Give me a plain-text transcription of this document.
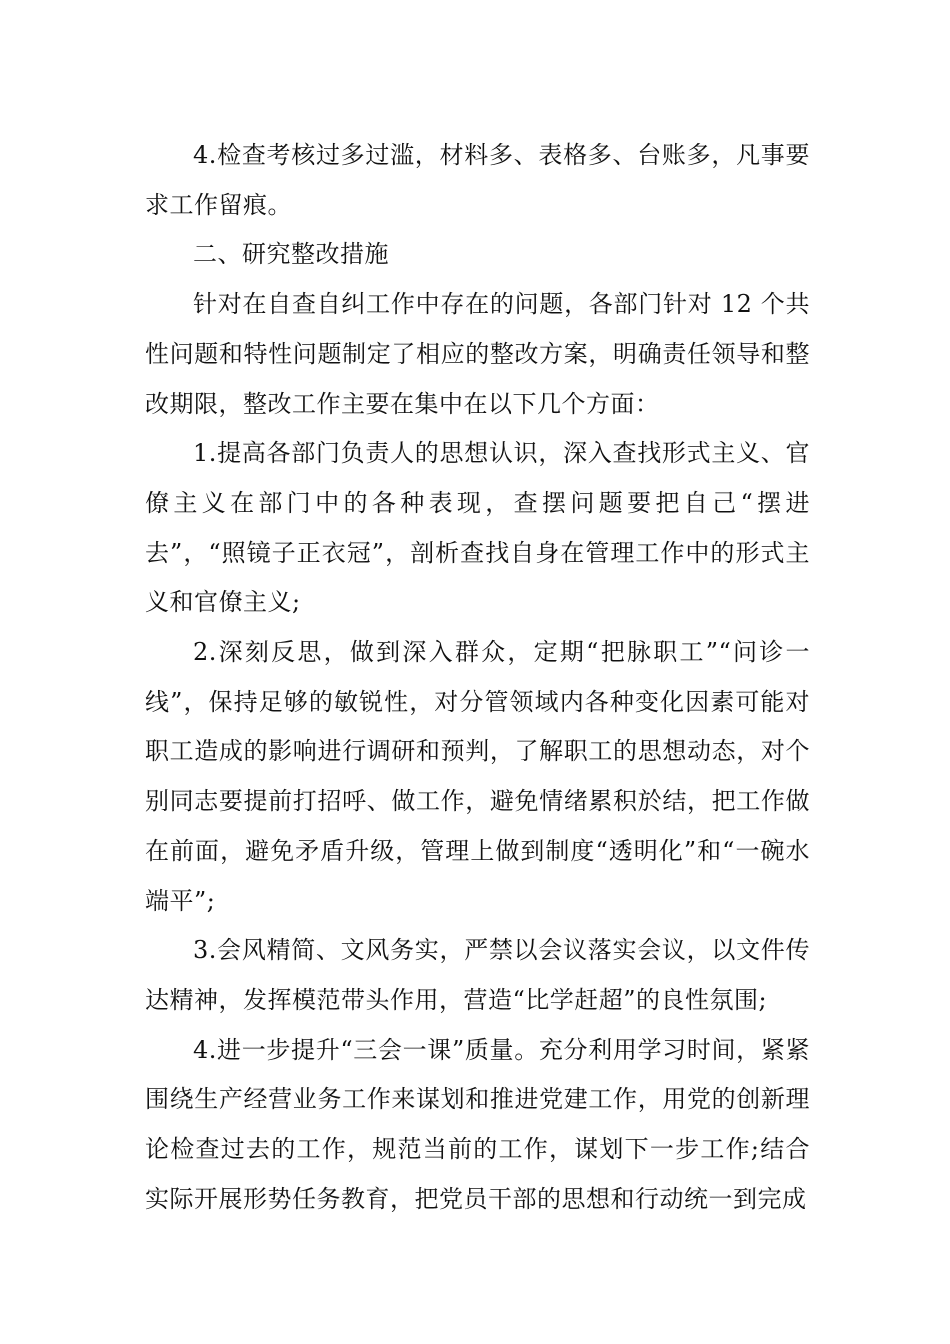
4.检查考核过多过滥，材料多、表格多、台账多，凡事要求工作留痕。

二、研究整改措施

针对在自查自纠工作中存在的问题，各部门针对 12 个共性问题和特性问题制定了相应的整改方案，明确责任领导和整改期限，整改工作主要在集中在以下几个方面：

1.提高各部门负责人的思想认识，深入查找形式主义、官僚主义在部门中的各种表现，查摆问题要把自己“摆进去”，“照镜子正衣冠”，剖析查找自身在管理工作中的形式主义和官僚主义;

2.深刻反思，做到深入群众，定期“把脉职工”“问诊一线”，保持足够的敏锐性，对分管领域内各种变化因素可能对职工造成的影响进行调研和预判，了解职工的思想动态，对个别同志要提前打招呼、做工作，避免情绪累积於结，把工作做在前面，避免矛盾升级，管理上做到制度“透明化”和“一碗水端平”;

3.会风精简、文风务实，严禁以会议落实会议，以文件传达精神，发挥模范带头作用，营造“比学赶超”的良性氛围;

4.进一步提升“三会一课”质量。充分利用学习时间，紧紧围绕生产经营业务工作来谋划和推进党建工作，用党的创新理论检查过去的工作，规范当前的工作，谋划下一步工作;结合实际开展形势任务教育，把党员干部的思想和行动统一到完成
